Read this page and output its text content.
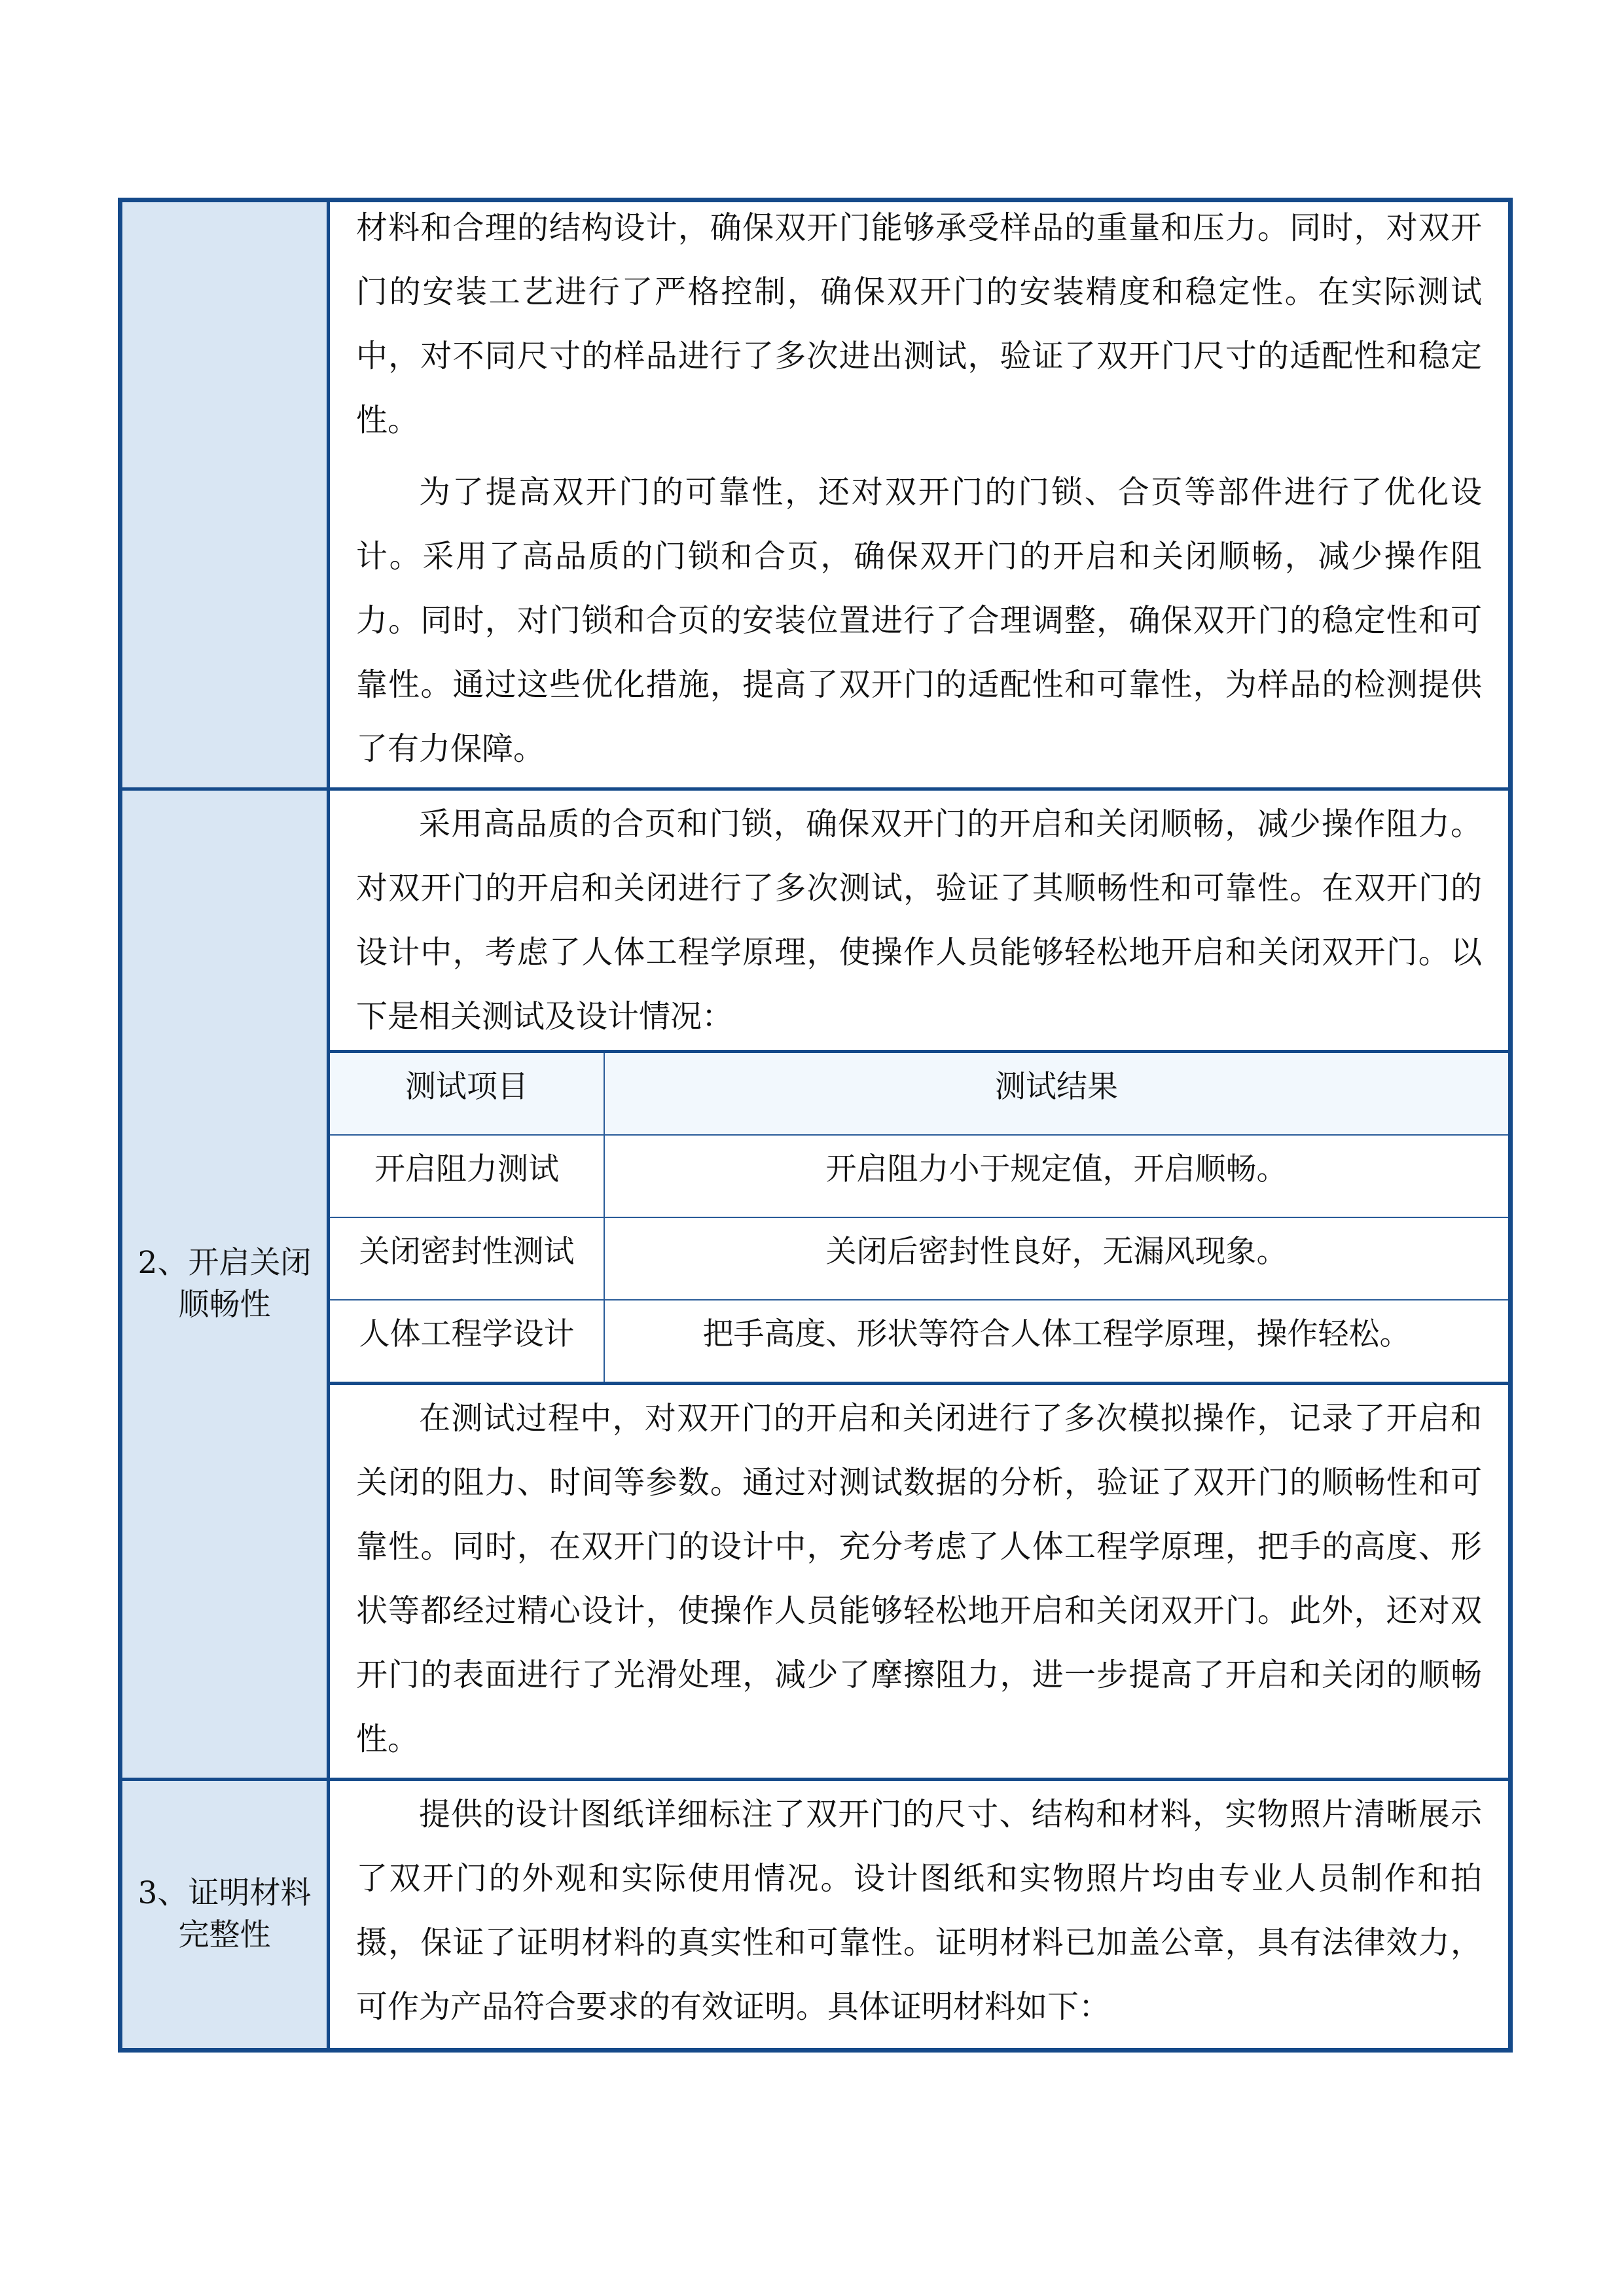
材料和合理的结构设计，确保双开门能够承受样品的重量和压力。同时，对双开门的安装工艺进行了严格控制，确保双开门的安装精度和稳定性。在实际测试中，对不同尺寸的样品进行了多次进出测试，验证了双开门尺寸的适配性和稳定性。

为了提高双开门的可靠性，还对双开门的门锁、合页等部件进行了优化设计。采用了高品质的门锁和合页，确保双开门的开启和关闭顺畅，减少操作阻力。同时，对门锁和合页的安装位置进行了合理调整，确保双开门的稳定性和可靠性。通过这些优化措施，提高了双开门的适配性和可靠性，为样品的检测提供了有力保障。

2、开启关闭顺畅性

采用高品质的合页和门锁，确保双开门的开启和关闭顺畅，减少操作阻力。对双开门的开启和关闭进行了多次测试，验证了其顺畅性和可靠性。在双开门的设计中，考虑了人体工程学原理，使操作人员能够轻松地开启和关闭双开门。以下是相关测试及设计情况：

测试项目	测试结果
开启阻力测试	开启阻力小于规定值，开启顺畅。
关闭密封性测试	关闭后密封性良好，无漏风现象。
人体工程学设计	把手高度、形状等符合人体工程学原理，操作轻松。

在测试过程中，对双开门的开启和关闭进行了多次模拟操作，记录了开启和关闭的阻力、时间等参数。通过对测试数据的分析，验证了双开门的顺畅性和可靠性。同时，在双开门的设计中，充分考虑了人体工程学原理，把手的高度、形状等都经过精心设计，使操作人员能够轻松地开启和关闭双开门。此外，还对双开门的表面进行了光滑处理，减少了摩擦阻力，进一步提高了开启和关闭的顺畅性。

3、证明材料完整性

提供的设计图纸详细标注了双开门的尺寸、结构和材料，实物照片清晰展示了双开门的外观和实际使用情况。设计图纸和实物照片均由专业人员制作和拍摄，保证了证明材料的真实性和可靠性。证明材料已加盖公章，具有法律效力，可作为产品符合要求的有效证明。具体证明材料如下：
